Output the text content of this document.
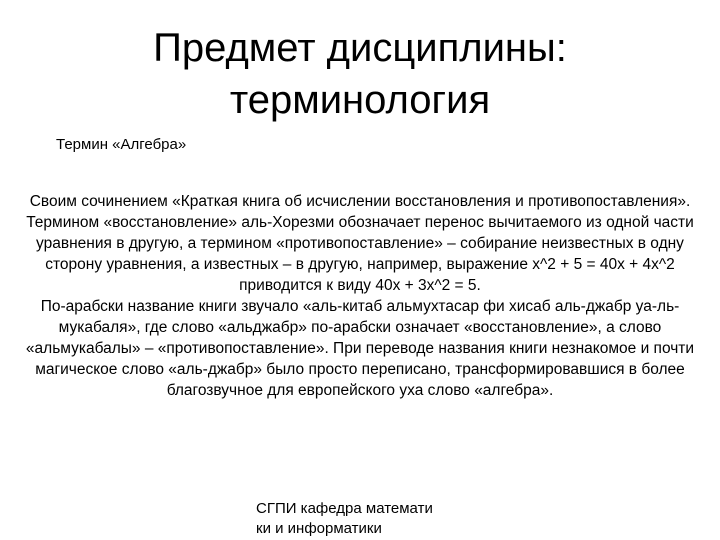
Предмет дисциплины:
терминология
Термин «Алгебра»

Своим сочинением «Краткая книга об исчислении восстановления и противопоставления». Термином «восстановление» аль-Хорезми обозначает перенос вычитаемого из одной части уравнения в другую, а термином «противопоставление» – собирание неизвестных в одну сторону уравнения, а известных – в другую, например, выражение x^2 + 5 = 40x + 4x^2 приводится к виду 40x + 3x^2 = 5.

По-арабски название книги звучало «аль-китаб альмухтасар фи хисаб аль-джабр уа-ль-мукабаля», где слово «альджабр» по-арабски означает «восстановление», а слово «альмукабалы» – «противопоставление». При переводе названия книги незнакомое и почти магическое слово «аль-джабр» было просто переписано, трансформировавшися в более благозвучное для европейского уха слово «алгебра».

СГПИ кафедра математи
ки и информатики
